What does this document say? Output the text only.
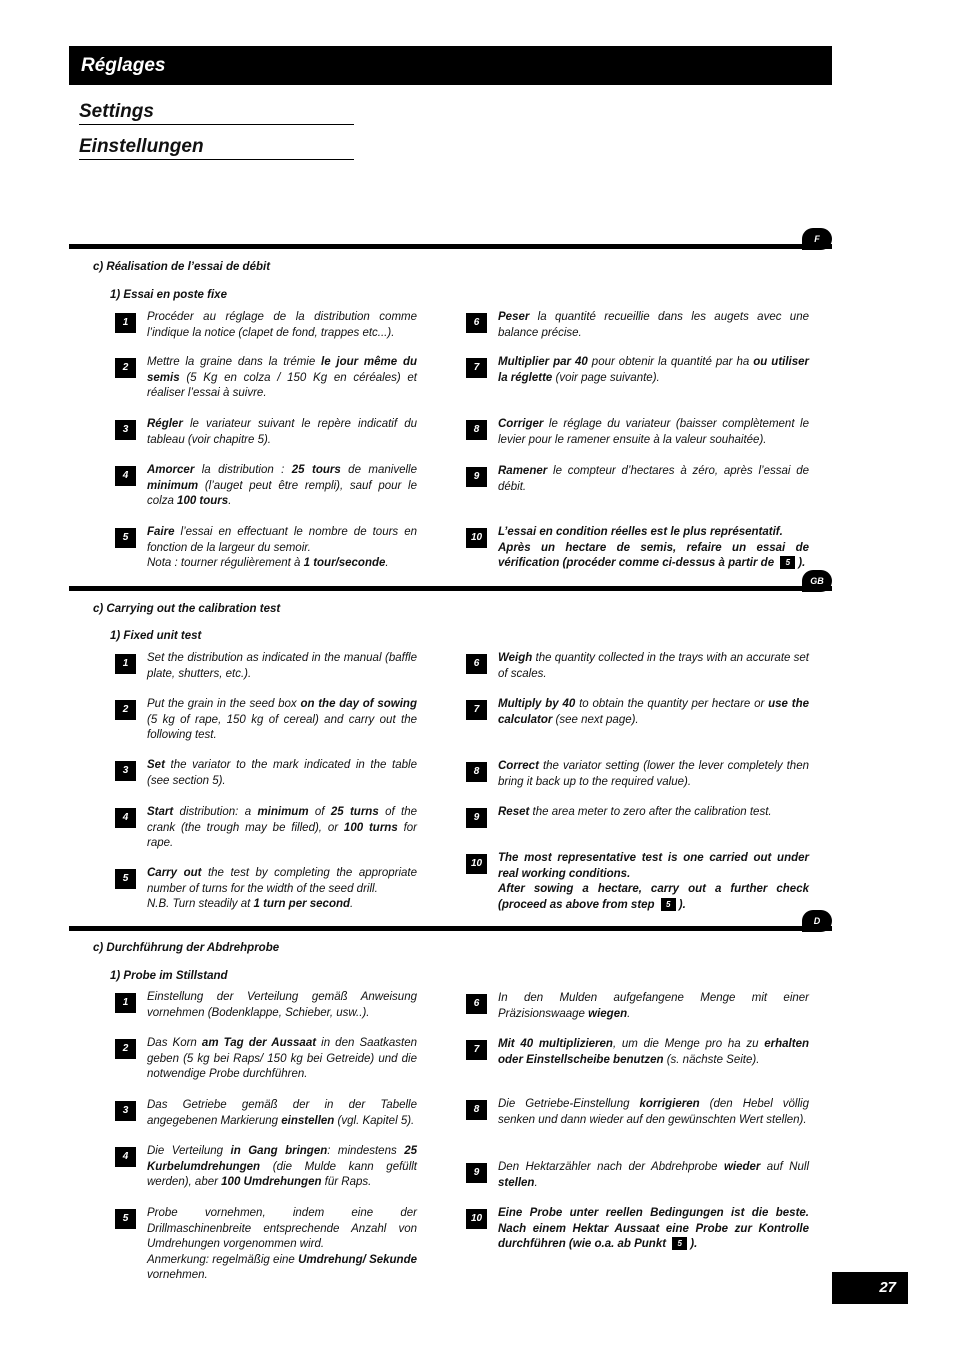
Réglages
Settings
Einstellungen
F
c) Réalisation de l’essai de débit
1) Essai en poste fixe
1	Procéder au réglage de la distribution comme l’indique la notice (clapet de fond, trappes etc...).
2	Mettre la graine dans la trémie le jour même du semis (5 Kg en colza / 150 Kg en céréales) et réaliser l’essai à suivre.
3	Régler le variateur suivant le repère indicatif du tableau (voir chapitre 5).
4	Amorcer la distribution : 25 tours de manivelle minimum (l’auget peut être rempli), sauf pour le colza 100 tours.
5	Faire l’essai en effectuant le nombre de tours en fonction de la largeur du semoir.
Nota : tourner régulièrement à 1 tour/seconde.
6	Peser la quantité recueillie dans les augets avec une balance précise.
7	Multiplier par 40 pour obtenir la quantité par ha ou utiliser la réglette (voir page suivante).
8	Corriger le réglage du variateur (baisser complètement le levier pour le ramener ensuite à la valeur souhaitée).
9	Ramener le compteur d’hectares à zéro, après l’essai de débit.
10	L’essai en condition réelles est le plus représentatif.
Après un hectare de semis, refaire un essai de vérification (procéder comme ci-dessus à partir de 5 ).
GB
c) Carrying out the calibration test
1) Fixed unit test
1	Set the distribution as indicated in the manual (baffle plate, shutters, etc.).
2	Put the grain in the seed box on the day of sowing (5 kg of rape, 150 kg of cereal) and carry out the following test.
3	Set the variator to the mark indicated in the table (see section 5).
4	Start distribution: a minimum of 25 turns of the crank (the trough may be filled), or 100 turns for rape.
5	Carry out the test by completing the appropriate number of turns for the width of the seed drill.
N.B. Turn steadily at 1 turn per second.
6	Weigh the quantity collected in the trays with an accurate set of scales.
7	Multiply by 40 to obtain the quantity per hectare or use the calculator (see next page).
8	Correct the variator setting (lower the lever completely then bring it back up to the required value).
9	Reset the area meter to zero after the calibration test.
10	The most representative test is one carried out under real working conditions.
After sowing a hectare, carry out a further check (proceed as above from step 5 ).
D
c) Durchführung der Abdrehprobe
1) Probe im Stillstand
1	Einstellung der Verteilung gemäß Anweisung vornehmen (Bodenklappe, Schieber, usw..).
2	Das Korn am Tag der Aussaat in den Saatkasten geben (5 kg bei Raps/ 150 kg bei Getreide) und die notwendige Probe durchführen.
3	Das Getriebe gemäß der in der Tabelle angegebenen Markierung einstellen (vgl. Kapitel 5).
4	Die Verteilung in Gang bringen: mindestens 25 Kurbelumdrehungen (die Mulde kann gefüllt werden), aber 100 Umdrehungen für Raps.
5	Probe vornehmen, indem eine der Drillmaschinenbreite entsprechende Anzahl von Umdrehungen vorgenommen wird.
Anmerkung: regelmäßig eine Umdrehung/ Sekunde vornehmen.
6	In den Mulden aufgefangene Menge mit einer Präzisionswaage wiegen.
7	Mit 40 multiplizieren, um die Menge pro ha zu erhalten oder Einstellscheibe benutzen (s. nächste Seite).
8	Die Getriebe-Einstellung korrigieren (den Hebel völlig senken und dann wieder auf den gewünschten Wert stellen).
9	Den Hektarzähler nach der Abdrehprobe wieder auf Null stellen.
10	Eine Probe unter reellen Bedingungen ist die beste. Nach einem Hektar Aussaat eine Probe zur Kontrolle durchführen (wie o.a. ab Punkt 5 ).
27
